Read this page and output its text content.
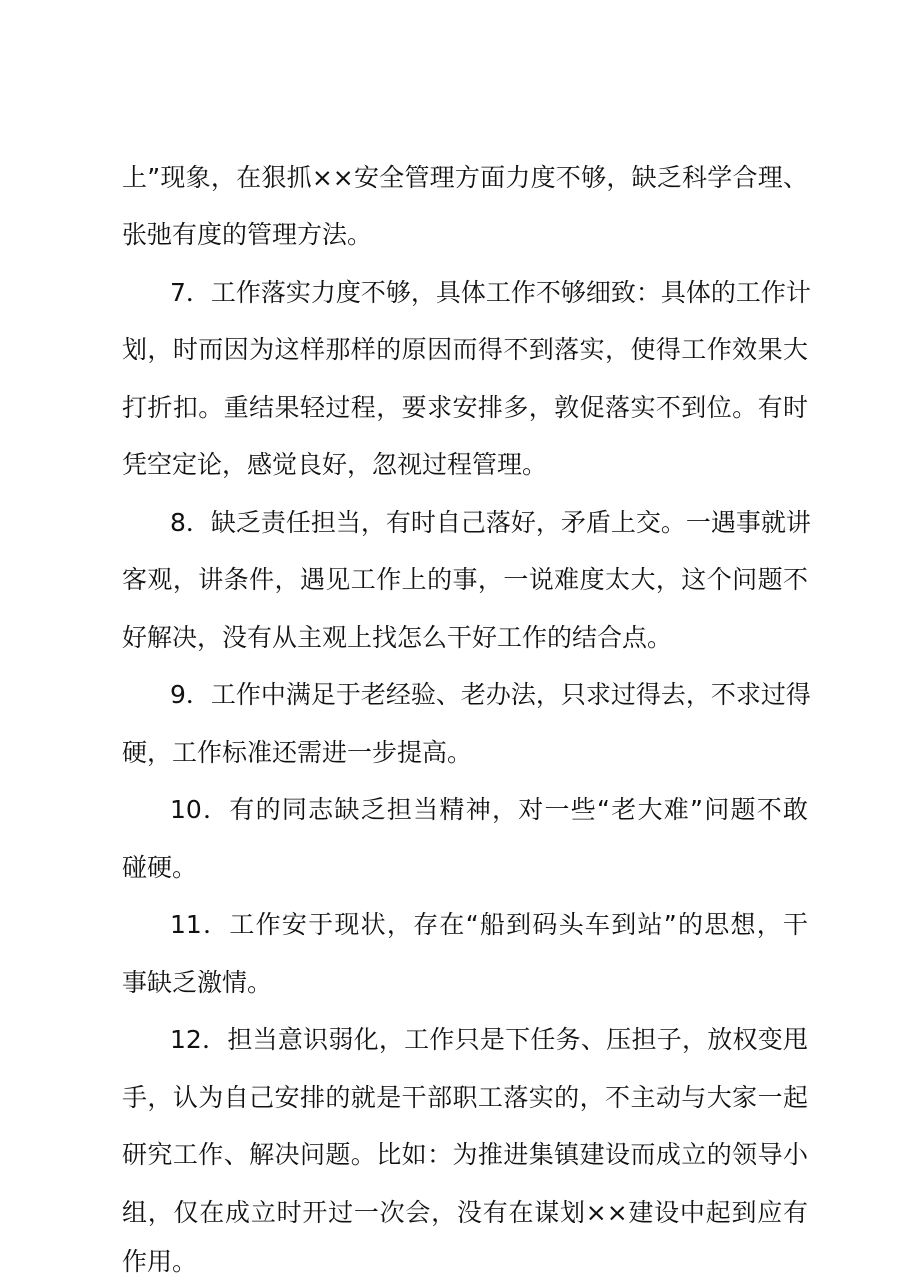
上”现象，在狠抓××安全管理方面力度不够，缺乏科学合理、
张弛有度的管理方法。
7．工作落实力度不够，具体工作不够细致：具体的工作计
划，时而因为这样那样的原因而得不到落实，使得工作效果大
打折扣。重结果轻过程，要求安排多，敦促落实不到位。有时
凭空定论，感觉良好，忽视过程管理。
8．缺乏责任担当，有时自己落好，矛盾上交。一遇事就讲
客观，讲条件，遇见工作上的事，一说难度太大，这个问题不
好解决，没有从主观上找怎么干好工作的结合点。
9．工作中满足于老经验、老办法，只求过得去，不求过得
硬，工作标准还需进一步提高。
10．有的同志缺乏担当精神，对一些“老大难”问题不敢
碰硬。
11．工作安于现状，存在“船到码头车到站”的思想，干
事缺乏激情。
12．担当意识弱化，工作只是下任务、压担子，放权变甩
手，认为自己安排的就是干部职工落实的，不主动与大家一起
研究工作、解决问题。比如：为推进集镇建设而成立的领导小
组，仅在成立时开过一次会，没有在谋划××建设中起到应有
作用。
